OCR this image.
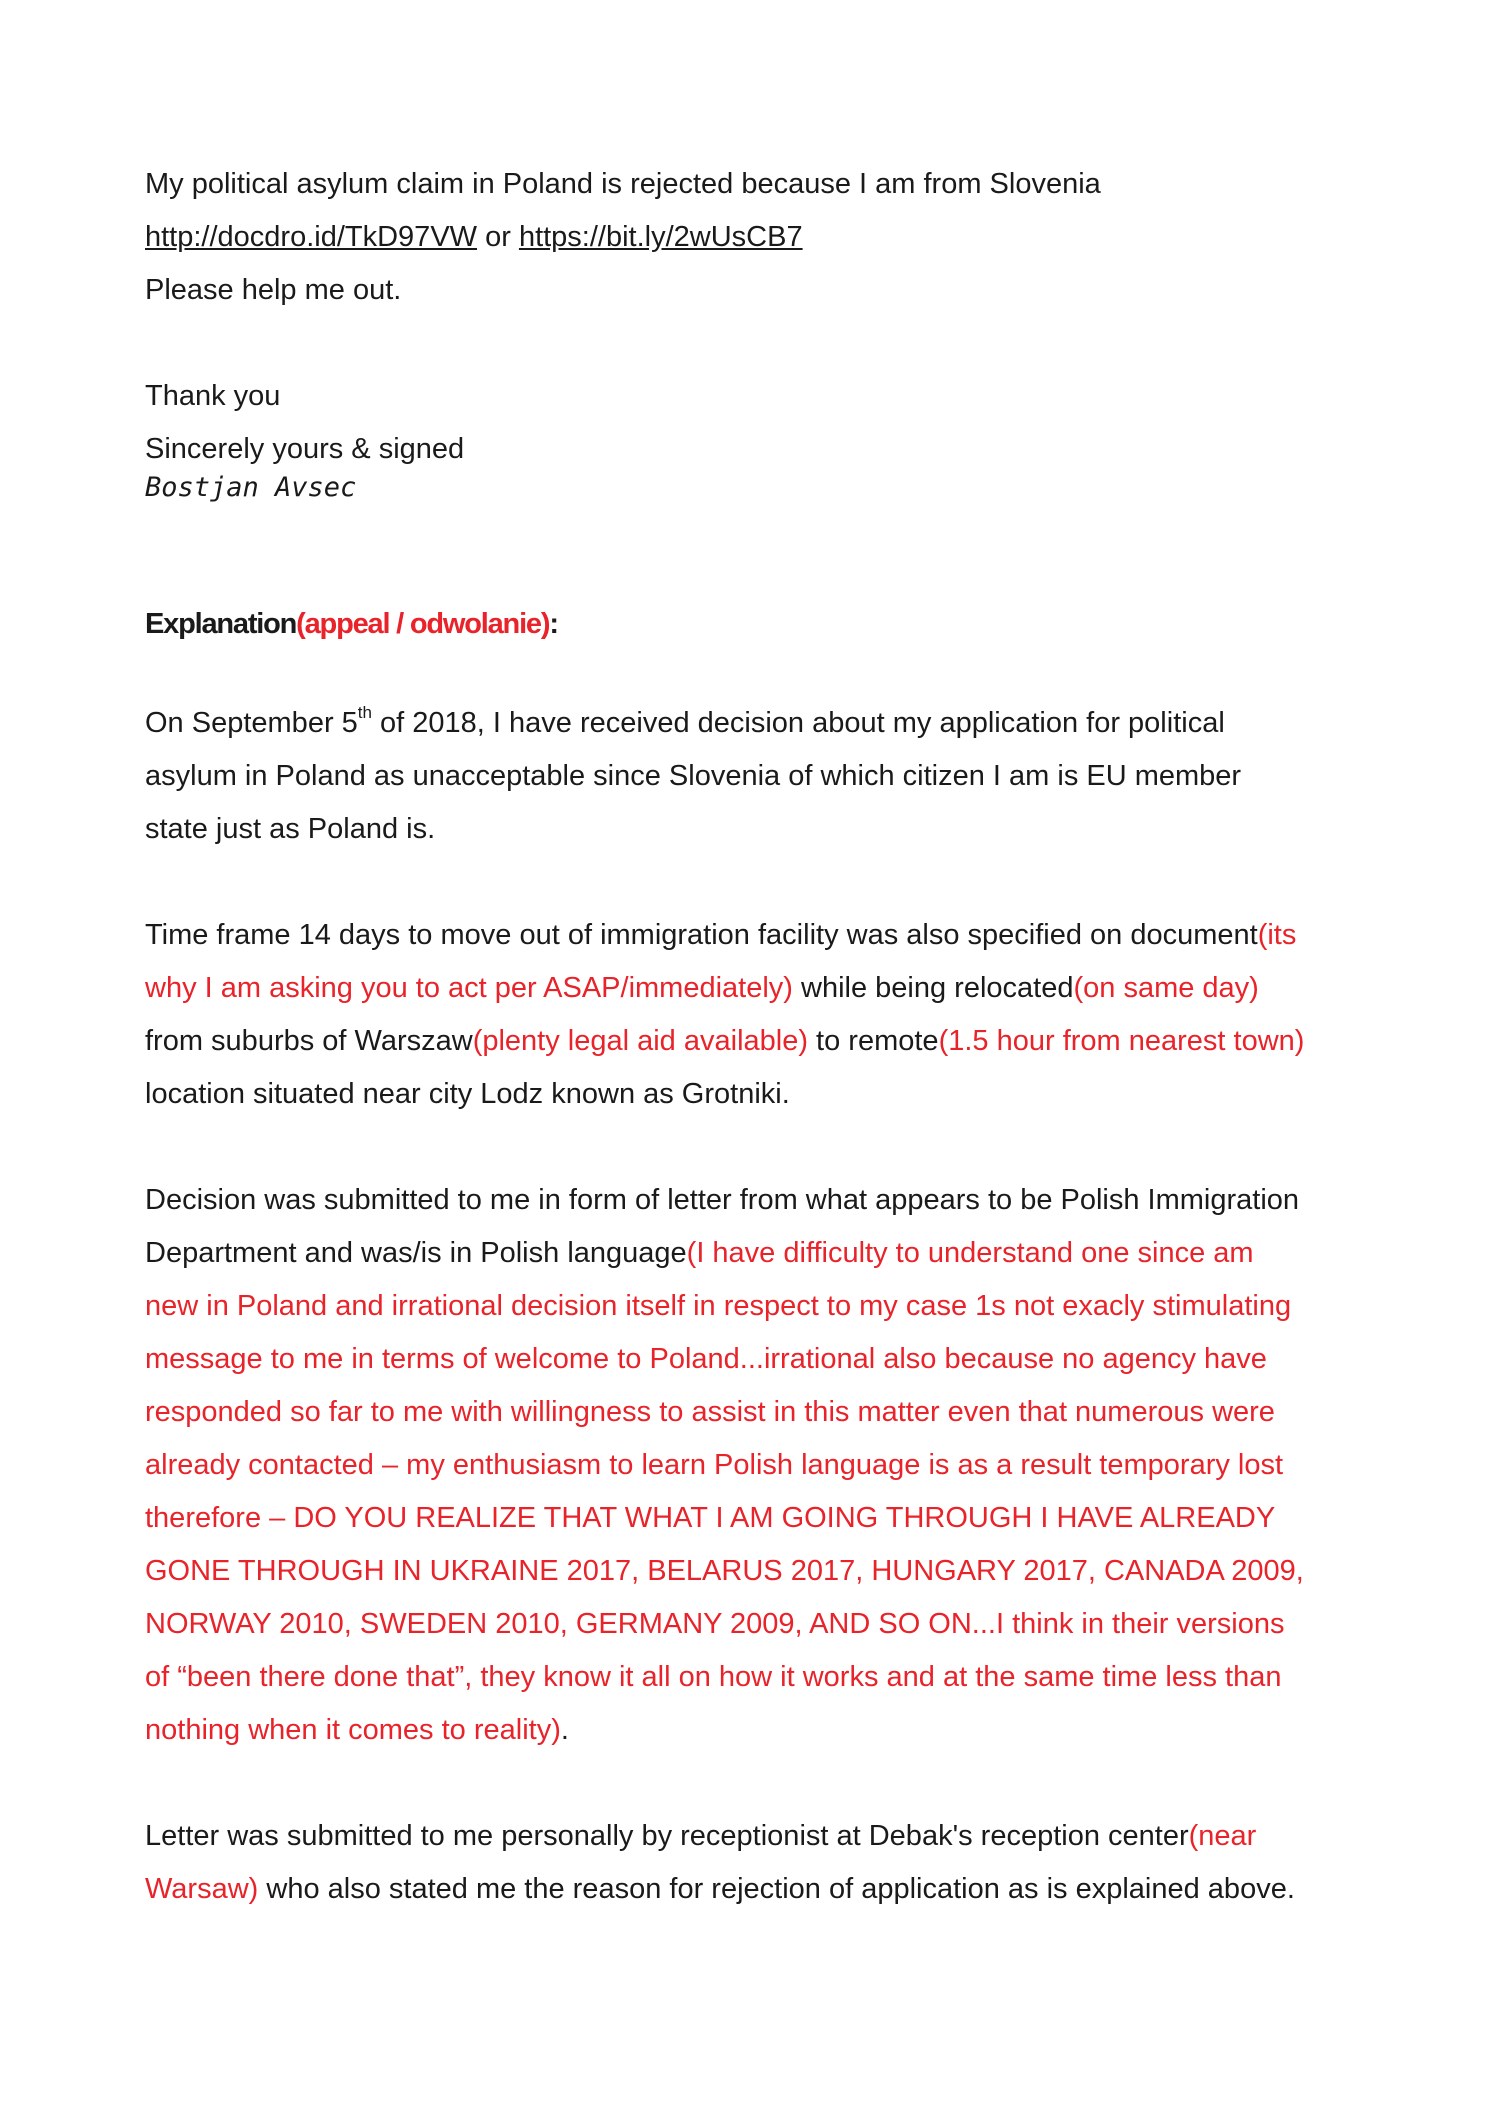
My political asylum claim in Poland is rejected because I am from Slovenia
http://docdro.id/TkD97VW or https://bit.ly/2wUsCB7
Please help me out.
Thank you
Sincerely yours & signed
Bostjan Avsec
Explanation(appeal / odwolanie):
On September 5th of 2018, I have received decision about my application for political
asylum in Poland as unacceptable since Slovenia of which citizen I am is EU member
state just as Poland is.
Time frame 14 days to move out of immigration facility was also specified on document(its
why I am asking you to act per ASAP/immediately) while being relocated(on same day)
from suburbs of Warszaw(plenty legal aid available) to remote(1.5 hour from nearest town)
location situated near city Lodz known as Grotniki.
Decision was submitted to me in form of letter from what appears to be Polish Immigration
Department and was/is in Polish language(I have difficulty to understand one since am
new in Poland and irrational decision itself in respect to my case 1s not exacly stimulating
message to me in terms of welcome to Poland...irrational also because no agency have
responded so far to me with willingness to assist in this matter even that numerous were
already contacted – my enthusiasm to learn Polish language is as a result temporary lost
therefore – DO YOU REALIZE THAT WHAT I AM GOING THROUGH I HAVE ALREADY
GONE THROUGH IN UKRAINE 2017, BELARUS 2017, HUNGARY 2017, CANADA 2009,
NORWAY 2010, SWEDEN 2010, GERMANY 2009, AND SO ON...I think in their versions
of “been there done that”, they know it all on how it works and at the same time less than
nothing when it comes to reality).
Letter was submitted to me personally by receptionist at Debak's reception center(near
Warsaw) who also stated me the reason for rejection of application as is explained above.
